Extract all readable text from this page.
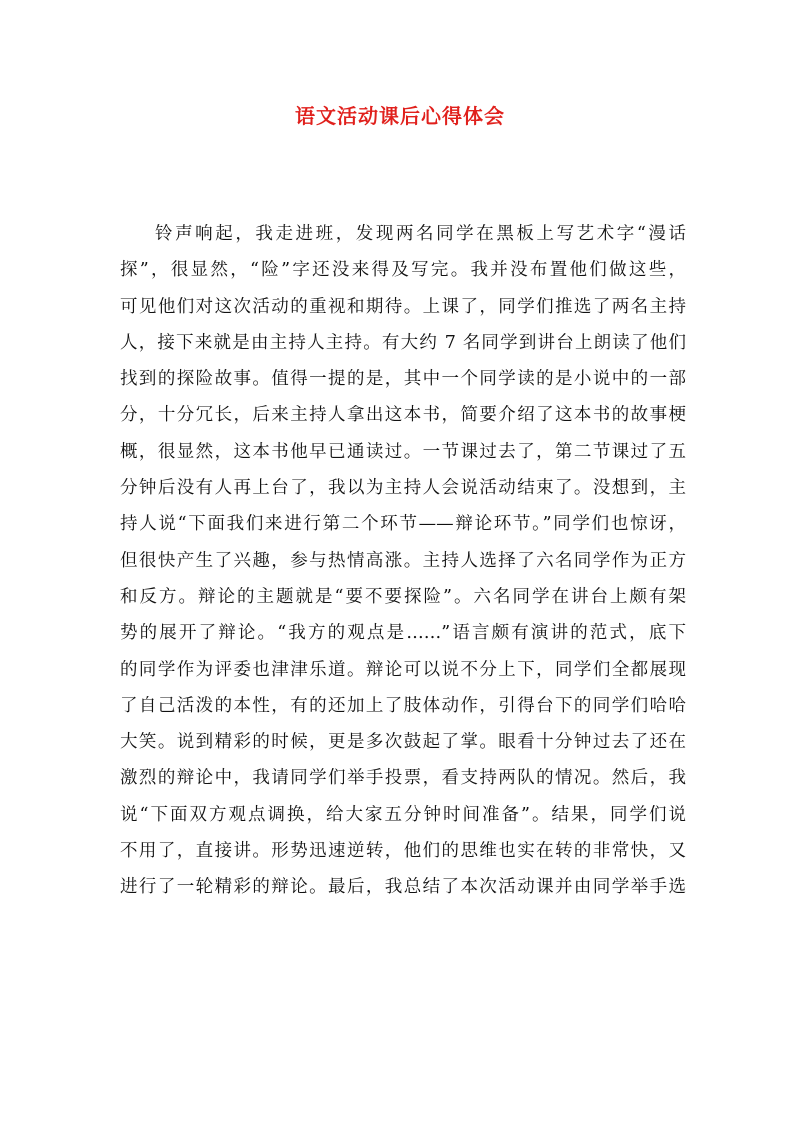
语文活动课后心得体会
铃声响起，我走进班，发现两名同学在黑板上写艺术字“漫话
探”，很显然，“险”字还没来得及写完。我并没布置他们做这些，
可见他们对这次活动的重视和期待。上课了，同学们推选了两名主持
人，接下来就是由主持人主持。有大约 7 名同学到讲台上朗读了他们
找到的探险故事。值得一提的是，其中一个同学读的是小说中的一部
分，十分冗长，后来主持人拿出这本书，简要介绍了这本书的故事梗
概，很显然，这本书他早已通读过。一节课过去了，第二节课过了五
分钟后没有人再上台了，我以为主持人会说活动结束了。没想到，主
持人说“下面我们来进行第二个环节——辩论环节。”同学们也惊讶，
但很快产生了兴趣，参与热情高涨。主持人选择了六名同学作为正方
和反方。辩论的主题就是“要不要探险”。六名同学在讲台上颇有架
势的展开了辩论。“我方的观点是……”语言颇有演讲的范式，底下
的同学作为评委也津津乐道。辩论可以说不分上下，同学们全都展现
了自己活泼的本性，有的还加上了肢体动作，引得台下的同学们哈哈
大笑。说到精彩的时候，更是多次鼓起了掌。眼看十分钟过去了还在
激烈的辩论中，我请同学们举手投票，看支持两队的情况。然后，我
说“下面双方观点调换，给大家五分钟时间准备”。结果，同学们说
不用了，直接讲。形势迅速逆转，他们的思维也实在转的非常快，又
进行了一轮精彩的辩论。最后，我总结了本次活动课并由同学举手选
